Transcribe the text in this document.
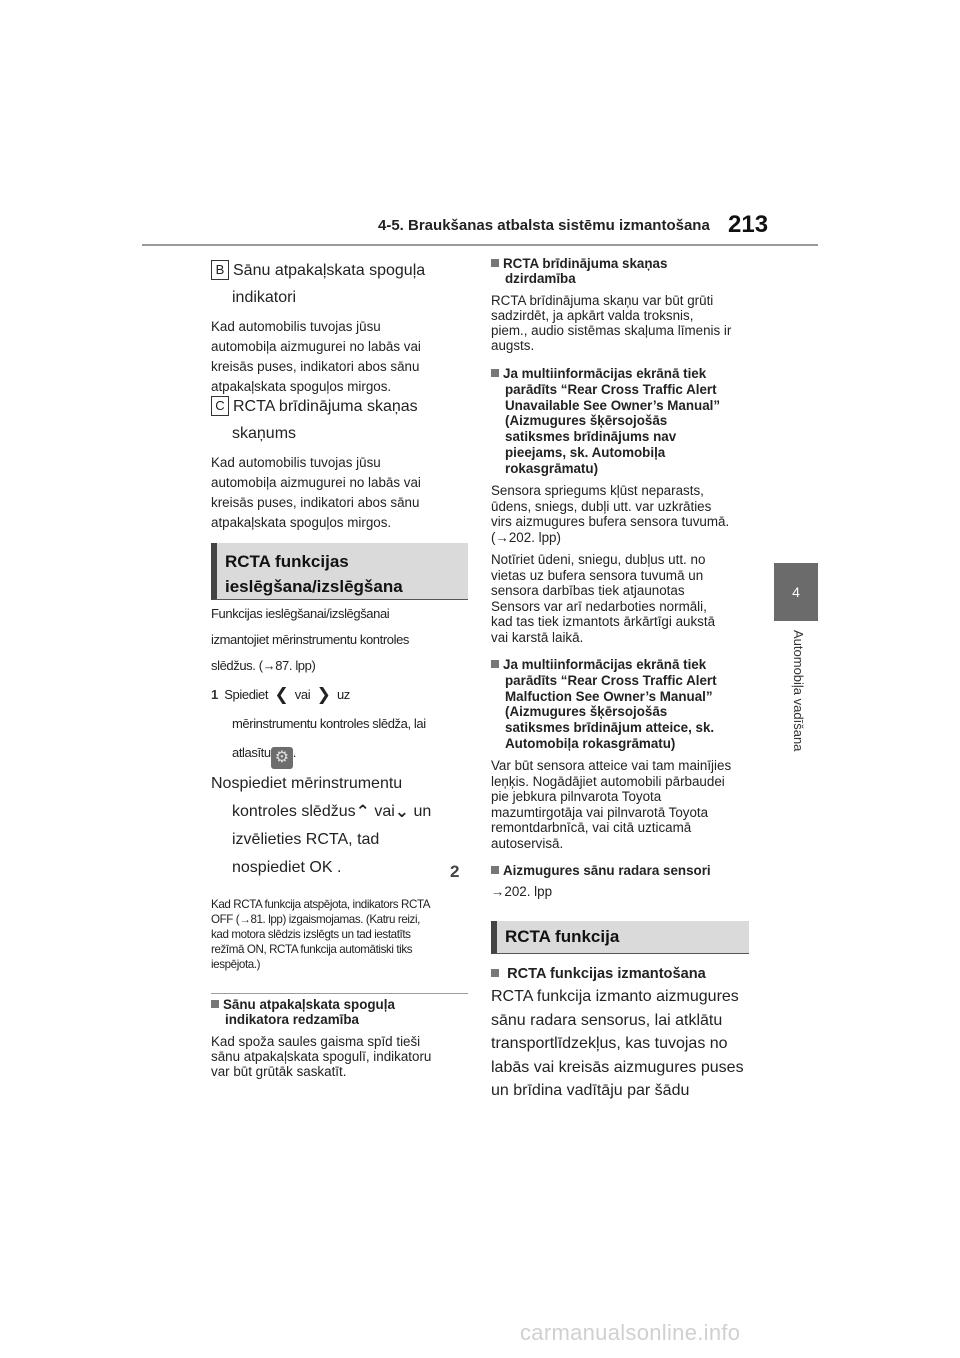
4-5. Braukšanas atbalsta sistēmu izmantošana 213
4
Automobiļa vadīšana
B Sānu atpakaļskata spoguļa
indikatori
Kad automobilis tuvojas jūsu
automobiļa aizmugurei no labās vai
kreisās puses, indikatori abos sānu
atpakaļskata spoguļos mirgos.
C RCTA brīdinājuma skaņas
skaņums
Kad automobilis tuvojas jūsu
automobiļa aizmugurei no labās vai
kreisās puses, indikatori abos sānu
atpakaļskata spoguļos mirgos.
RCTA funkcijas
ieslēgšana/izslēgšana
Funkcijas ieslēgšanai/izslēgšanai
izmantojiet mērinstrumentu kontroles
slēdžus. (→87. lpp)
1 Spiediet ❮ vai ❯ uz
mērinstrumentu kontroles slēdža, lai
atlasītu ⚙ .
Nospiediet mērinstrumentu
kontroles slēdžus⌃ vai⌄ un
izvēlieties RCTA, tad
nospiediet OK .	2
Kad RCTA funkcija atspējota, indikators RCTA
OFF (→81. lpp) izgaismojamas. (Katru reizi,
kad motora slēdzis izslēgts un tad iestatīts
režīmā ON, RCTA funkcija automātiski tiks
iespējota.)
Sānu atpakaļskata spoguļa
indikatora redzamība
Kad spoža saules gaisma spīd tieši
sānu atpakaļskata spogulī, indikatoru
var būt grūtāk saskatīt.
RCTA brīdinājuma skaņas
dzirdamība
RCTA brīdinājuma skaņu var būt grūti
sadzirdēt, ja apkārt valda troksnis,
piem., audio sistēmas skaļuma līmenis ir
augsts.
Ja multiinformācijas ekrānā tiek
parādīts “Rear Cross Traffic Alert
Unavailable See Owner’s Manual”
(Aizmugures šķērsojošās
satiksmes brīdinājums nav
pieejams, sk. Automobiļa
rokasgrāmatu)
Sensora spriegums kļūst neparasts,
ūdens, sniegs, dubļi utt. var uzkrāties
virs aizmugures bufera sensora tuvumā.
(→202. lpp)
Notīriet ūdeni, sniegu, dubļus utt. no
vietas uz bufera sensora tuvumā un
sensora darbības tiek atjaunotas
Sensors var arī nedarboties normāli,
kad tas tiek izmantots ārkārtīgi aukstā
vai karstā laikā.
Ja multiinformācijas ekrānā tiek
parādīts “Rear Cross Traffic Alert
Malfuction See Owner’s Manual”
(Aizmugures šķērsojošās
satiksmes brīdinājum atteice, sk.
Automobiļa rokasgrāmatu)
Var būt sensora atteice vai tam mainījies
leņķis. Nogādājiet automobili pārbaudei
pie jebkura pilnvarota Toyota
mazumtirgotāja vai pilnvarotā Toyota
remontdarbnīcā, vai citā uzticamā
autoservisā.
Aizmugures sānu radara sensori
→202. lpp
RCTA funkcija
RCTA funkcijas izmantošana
RCTA funkcija izmanto aizmugures
sānu radara sensorus, lai atklātu
transportlīdzekļus, kas tuvojas no
labās vai kreisās aizmugures puses
un brīdina vadītāju par šādu
carmanualsonline.info
